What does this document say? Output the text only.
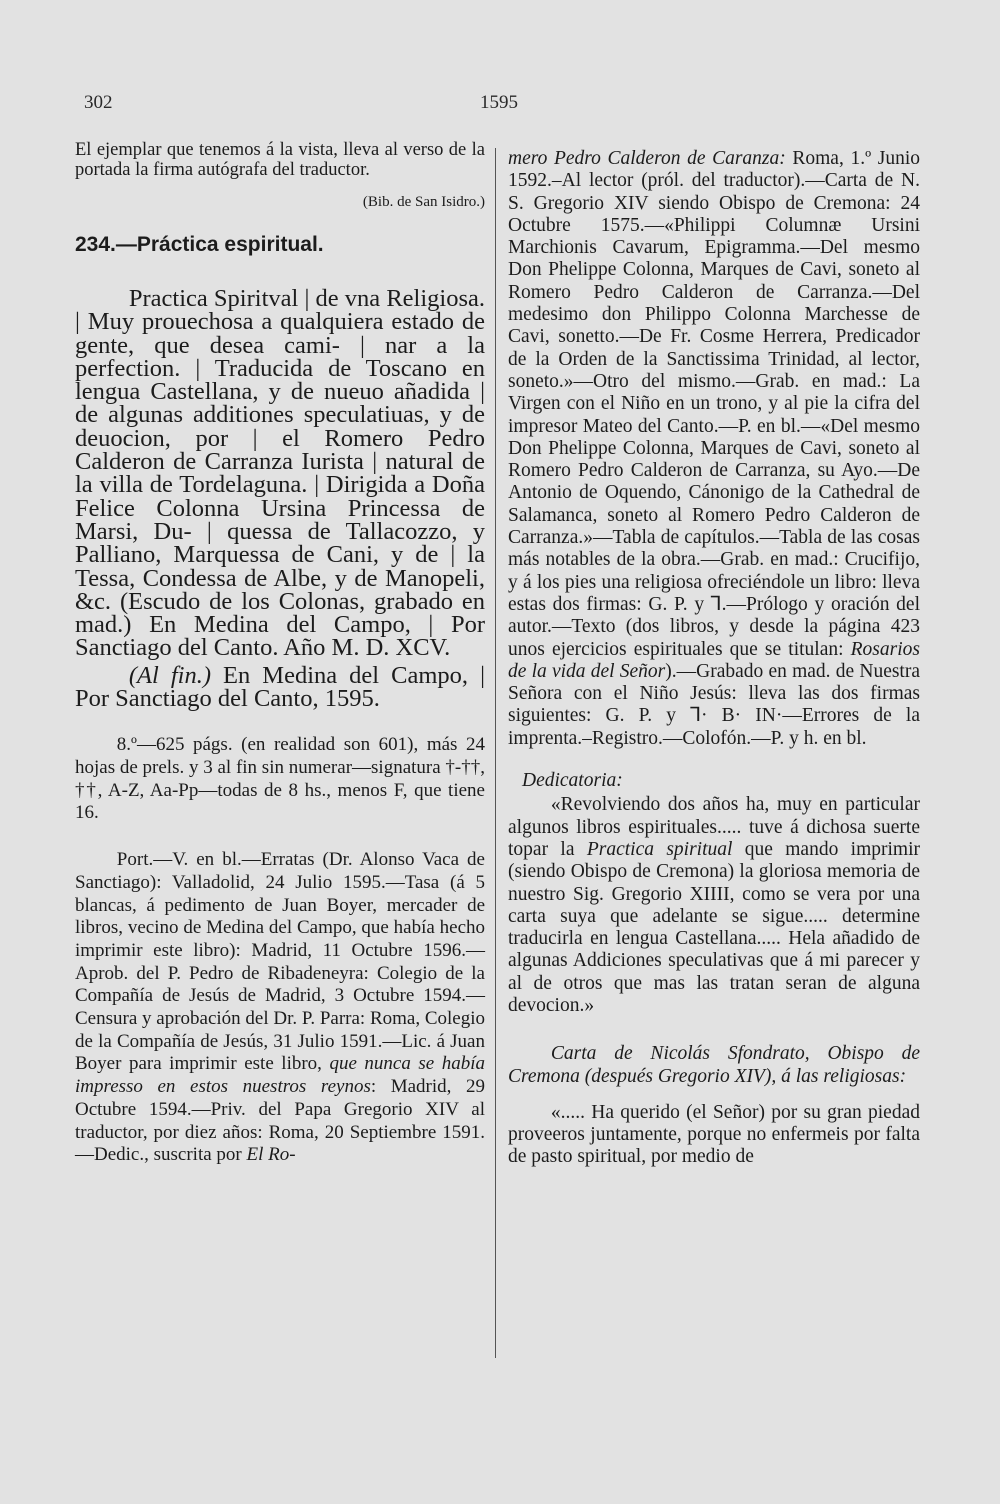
302	1595

El ejemplar que tenemos á la vista, lleva al verso de la portada la firma autógrafa del traductor.

(Bib. de San Isidro.)

234.—Práctica espiritual.

Practica Spiritval | de vna Religiosa. | Muy prouechosa a qualquiera estado de gente, que desea cami- | nar a la perfection. | Traducida de Toscano en lengua Castellana, y de nueuo añadida | de algunas additiones speculatiuas, y de deuocion, por | el Romero Pedro Calderon de Carranza Iurista | natural de la villa de Tordelaguna. | Dirigida a Doña Felice Colonna Ursina Princessa de Marsi, Du- | quessa de Tallacozzo, y Palliano, Marquessa de Cani, y de | la Tessa, Condessa de Albe, y de Manopeli, &c. (Escudo de los Colonas, grabado en mad.) En Medina del Campo, | Por Sanctiago del Canto. Año M. D. XCV.

(Al fin.) En Medina del Campo, | Por Sanctiago del Canto, 1595.

8.º—625 págs. (en realidad son 601), más 24 hojas de prels. y 3 al fin sin numerar—signatura †-††, ††, A-Z, Aa-Pp—todas de 8 hs., menos F, que tiene 16.

Port.—V. en bl.—Erratas (Dr. Alonso Vaca de Sanctiago): Valladolid, 24 Julio 1595.—Tasa (á 5 blancas, á pedimento de Juan Boyer, mercader de libros, vecino de Medina del Campo, que había hecho imprimir este libro): Madrid, 11 Octubre 1596.—Aprob. del P. Pedro de Ribadeneyra: Colegio de la Compañía de Jesús de Madrid, 3 Octubre 1594.—Censura y aprobación del Dr. P. Parra: Roma, Colegio de la Compañía de Jesús, 31 Julio 1591.—Lic. á Juan Boyer para imprimir este libro, que nunca se había impresso en estos nuestros reynos: Madrid, 29 Octubre 1594.—Priv. del Papa Gregorio XIV al traductor, por diez años: Roma, 20 Septiembre 1591.—Dedic., suscrita por El Ro-

mero Pedro Calderon de Caranza: Roma, 1.º Junio 1592.–Al lector (pról. del traductor).—Carta de N. S. Gregorio XIV siendo Obispo de Cremona: 24 Octubre 1575.—«Philippi Columnæ Ursini Marchionis Cavarum, Epigramma.—Del mesmo Don Phelippe Colonna, Marques de Cavi, soneto al Romero Pedro Calderon de Carranza.—Del medesimo don Philippo Colonna Marchesse de Cavi, sonetto.—De Fr. Cosme Herrera, Predicador de la Orden de la Sanctissima Trinidad, al lector, soneto.»—Otro del mismo.—Grab. en mad.: La Virgen con el Niño en un trono, y al pie la cifra del impresor Mateo del Canto.—P. en bl.—«Del mesmo Don Phelippe Colonna, Marques de Cavi, soneto al Romero Pedro Calderon de Carranza, su Ayo.—De Antonio de Oquendo, Cánonigo de la Cathedral de Salamanca, soneto al Romero Pedro Calderon de Carranza.»—Tabla de capítulos.—Tabla de las cosas más notables de la obra.—Grab. en mad.: Crucifijo, y á los pies una religiosa ofreciéndole un libro: lleva estas dos firmas: G. P. y Ꞁ.—Prólogo y oración del autor.—Texto (dos libros, y desde la página 423 unos ejercicios espirituales que se titulan: Rosarios de la vida del Señor).—Grabado en mad. de Nuestra Señora con el Niño Jesús: lleva las dos firmas siguientes: G. P. y Ꞁ· B· IN·—Errores de la imprenta.–Registro.—Colofón.—P. y h. en bl.

Dedicatoria:

«Revolviendo dos años ha, muy en particular algunos libros espirituales..... tuve á dichosa suerte topar la Practica spiritual que mando imprimir (siendo Obispo de Cremona) la gloriosa memoria de nuestro Sig. Gregorio XIIII, como se vera por una carta suya que adelante se sigue..... determine traducirla en lengua Castellana..... Hela añadido de algunas Addiciones speculativas que á mi parecer y al de otros que mas las tratan seran de alguna devocion.»

Carta de Nicolás Sfondrato, Obispo de Cremona (después Gregorio XIV), á las religiosas:

«..... Ha querido (el Señor) por su gran piedad proveeros juntamente, porque no enfermeis por falta de pasto spiritual, por medio de
